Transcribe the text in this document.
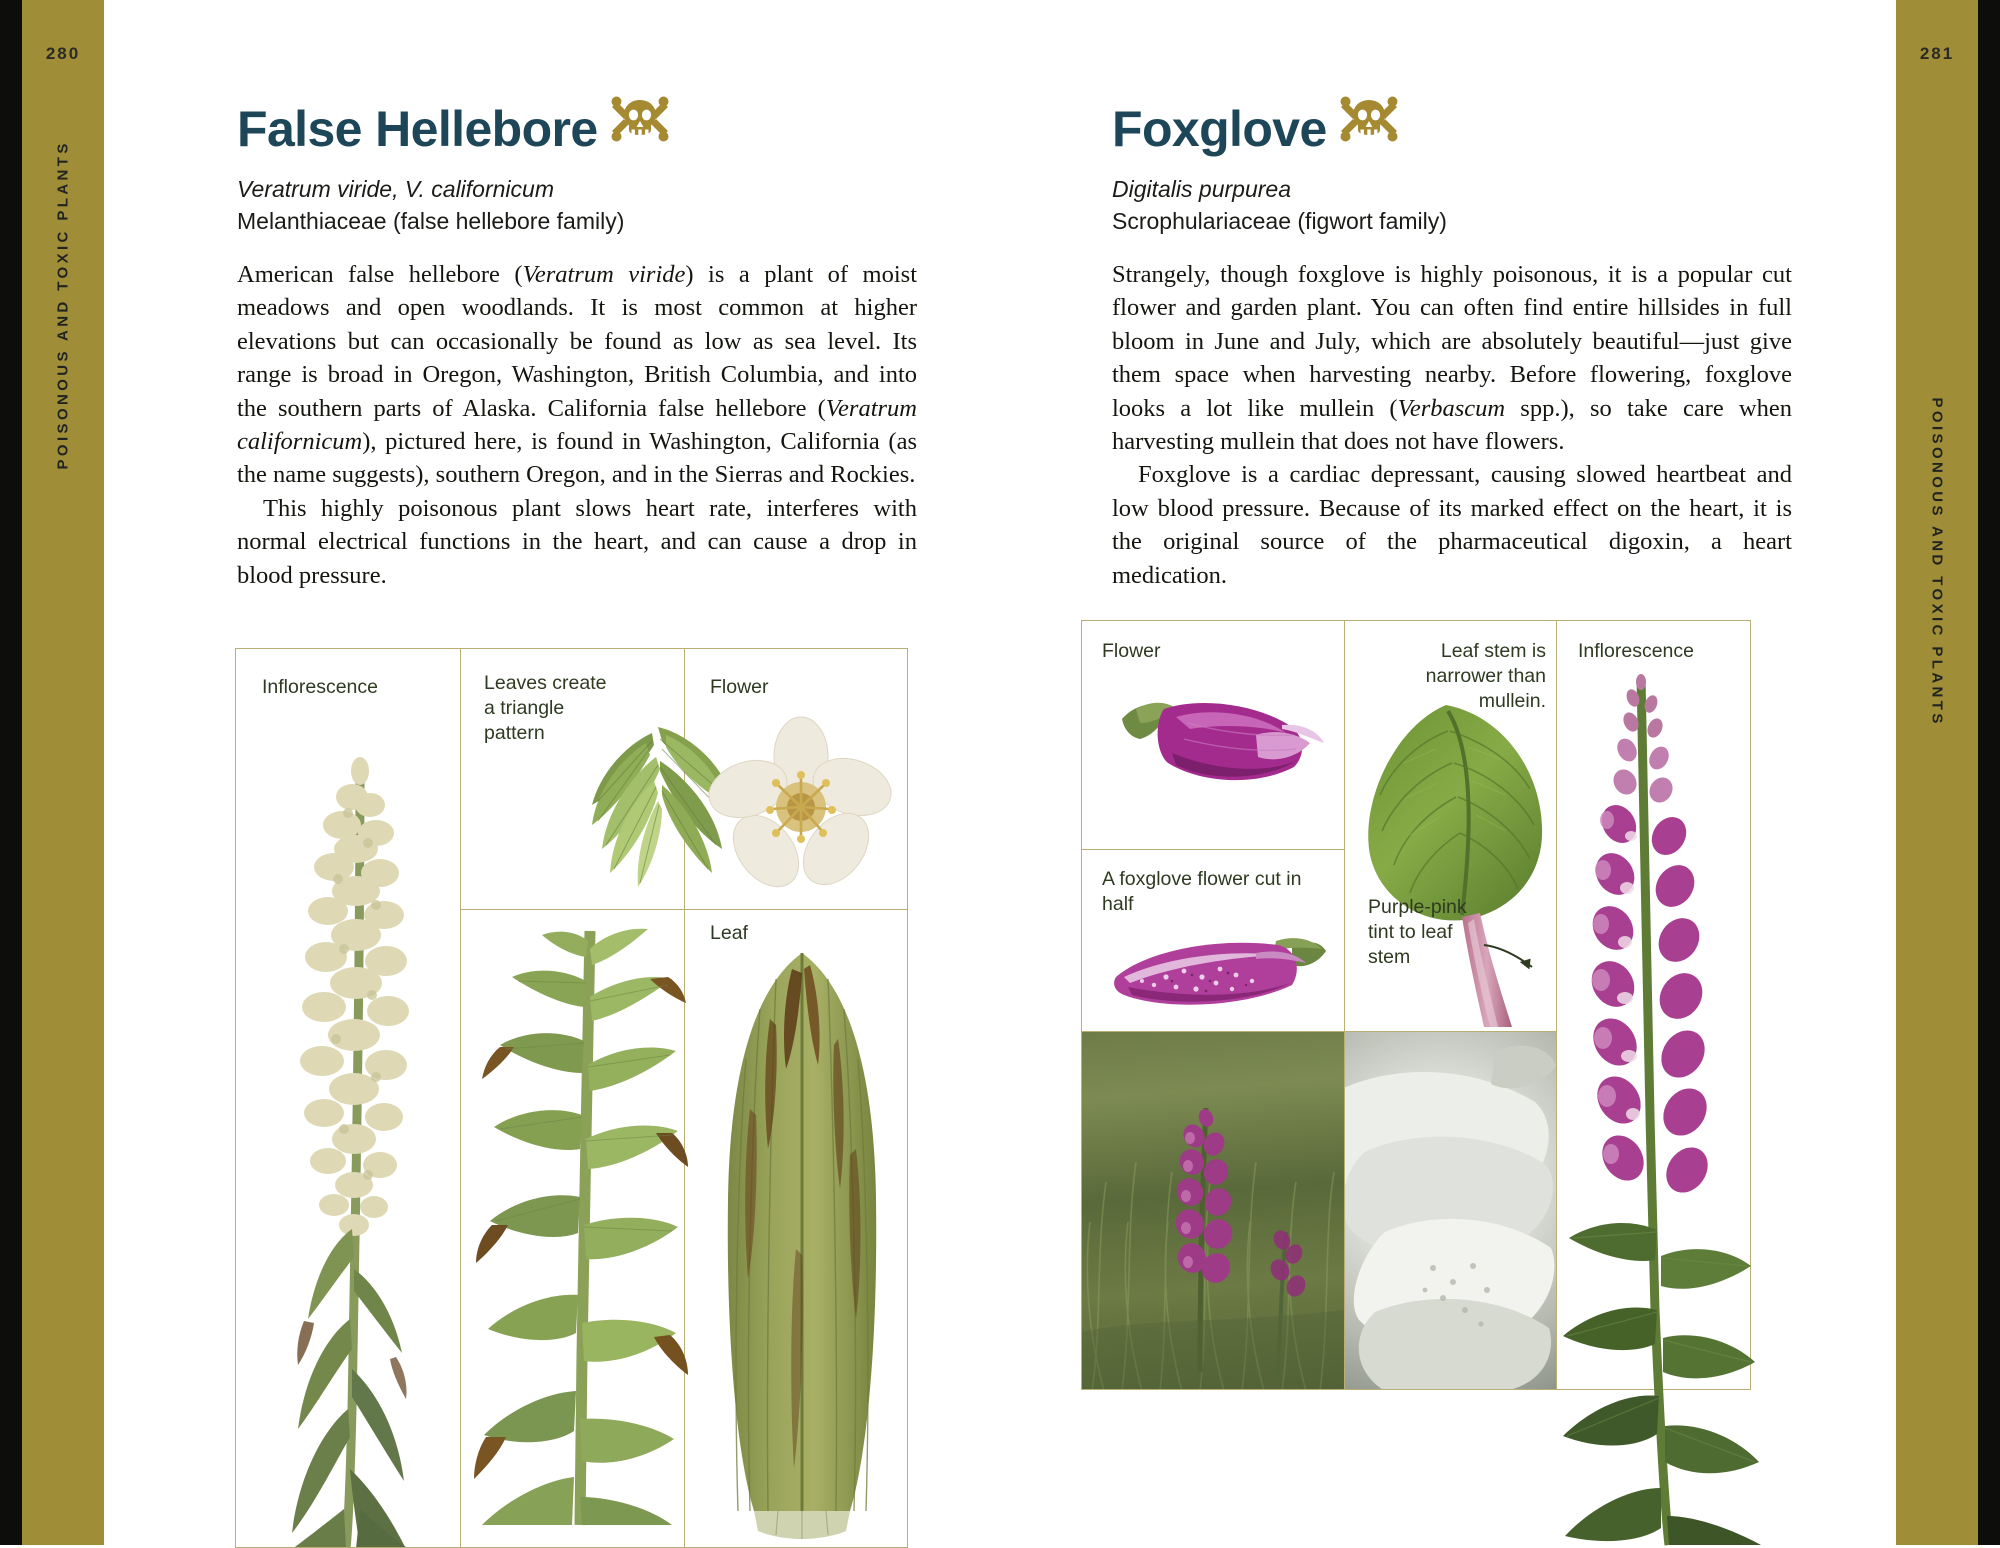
280
POISONOUS AND TOXIC PLANTS
281
POISONOUS AND TOXIC PLANTS
False Hellebore
Veratrum viride, V. californicum
Melanthiaceae (false hellebore family)

American false hellebore (Veratrum viride) is a plant of moist meadows and open woodlands. It is most common at higher elevations but can occasionally be found as low as sea level. Its range is broad in Oregon, Washington, British Columbia, and into the southern parts of Alaska. California false hellebore (Veratrum californicum), pictured here, is found in Washington, California (as the name suggests), southern Oregon, and in the Sierras and Rockies.

This highly poisonous plant slows heart rate, interferes with normal electrical functions in the heart, and can cause a drop in blood pressure.

Foxglove
Digitalis purpurea
Scrophulariaceae (figwort family)

Strangely, though foxglove is highly poisonous, it is a popular cut flower and garden plant. You can often find entire hillsides in full bloom in June and July, which are absolutely beautiful—just give them space when harvesting nearby. Before flowering, foxglove looks a lot like mullein (Verbascum spp.), so take care when harvesting mullein that does not have flowers.

Foxglove is a cardiac depressant, causing slowed heartbeat and low blood pressure. Because of its marked effect on the heart, it is the original source of the pharmaceutical digoxin, a heart medication.

Inflorescence	Leaves create a triangle pattern
Flower
Leaf
Flower
A foxglove flower cut in half
Leaf stem is narrower than mullein.
Purple-pink tint to leaf stem
Inflorescence
